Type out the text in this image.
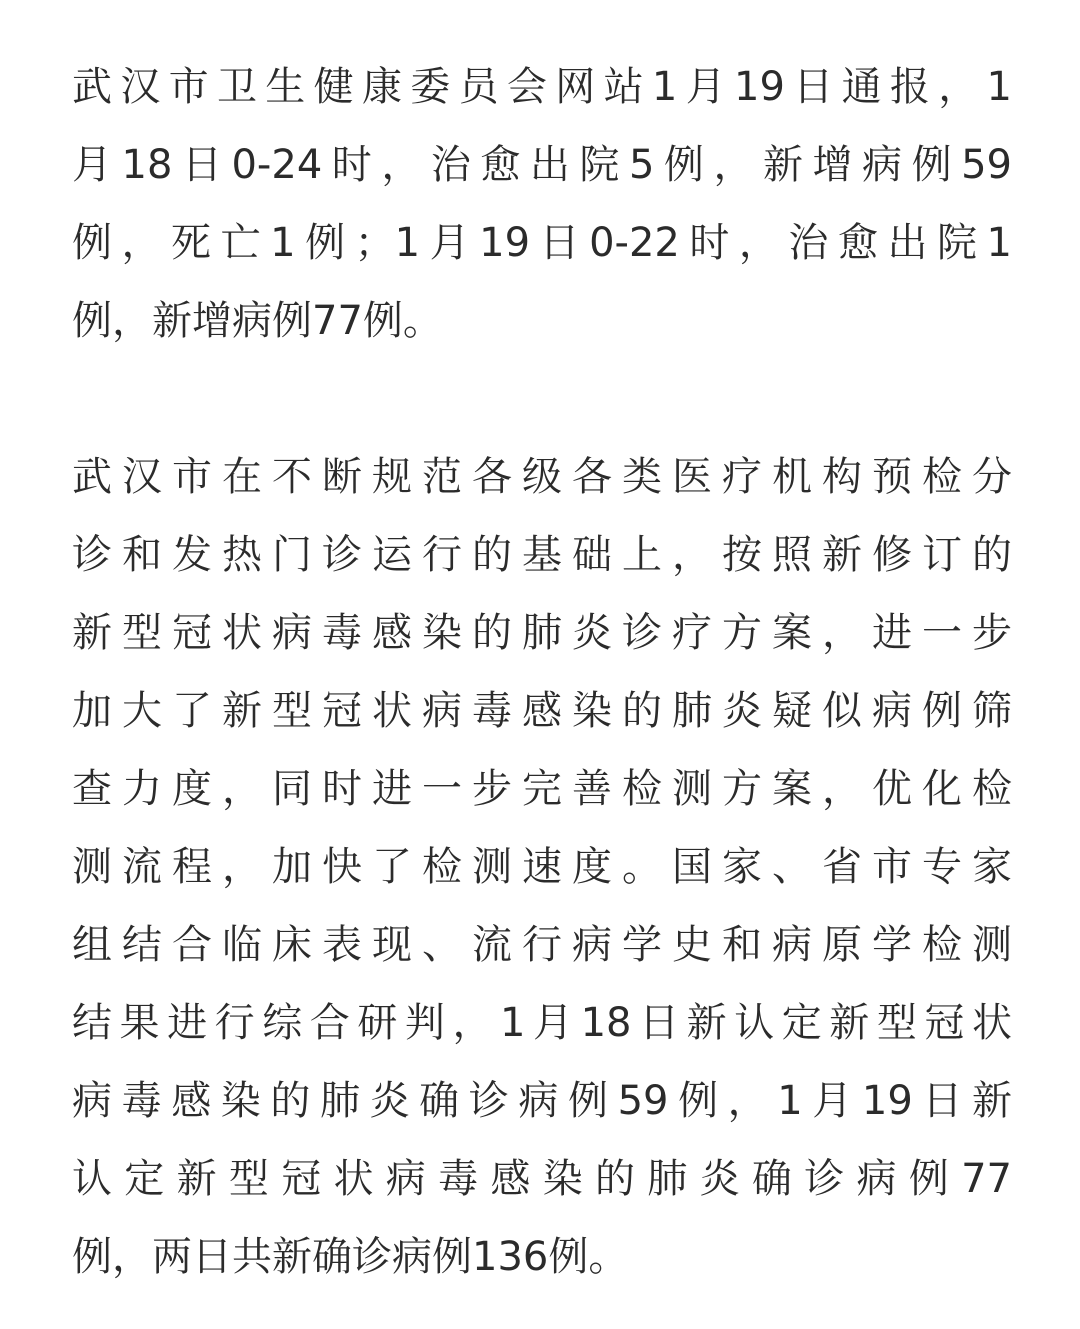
武汉市卫生健康委员会网站1月19日通报，1
月18日0-24时，治愈出院5例，新增病例59
例，死亡1例；1月19日0-22时，治愈出院1
例，新增病例77例。
武汉市在不断规范各级各类医疗机构预检分
诊和发热门诊运行的基础上，按照新修订的
新型冠状病毒感染的肺炎诊疗方案，进一步
加大了新型冠状病毒感染的肺炎疑似病例筛
查力度，同时进一步完善检测方案，优化检
测流程，加快了检测速度。国家、省市专家
组结合临床表现、流行病学史和病原学检测
结果进行综合研判，1月18日新认定新型冠状
病毒感染的肺炎确诊病例59例，1月19日新
认定新型冠状病毒感染的肺炎确诊病例77
例，两日共新确诊病例136例。
